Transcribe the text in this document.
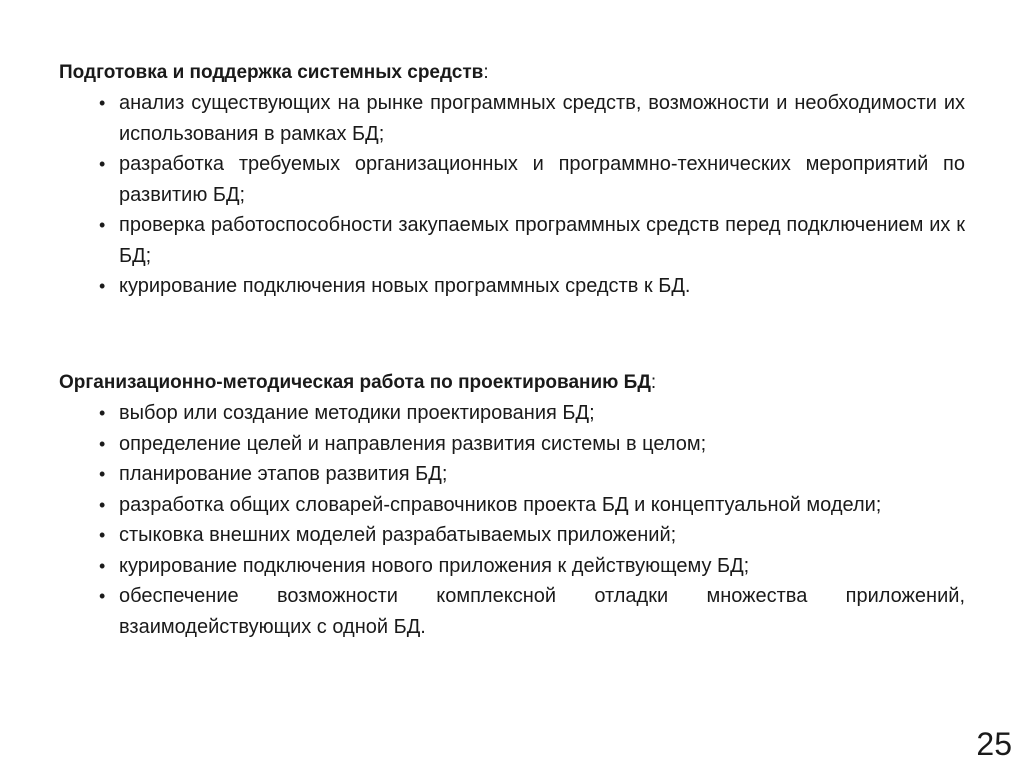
Подготовка и поддержка системных средств:

• анализ существующих на рынке программных средств, возможности и необходимости их использования в рамках БД;
• разработка требуемых организационных и программно-технических мероприятий по развитию БД;
• проверка работоспособности закупаемых программных средств перед подключением их к БД;
• курирование подключения новых программных средств к БД.

Организационно-методическая работа по проектированию БД:

• выбор или создание методики проектирования БД;
• определение целей и направления развития системы в целом;
• планирование этапов развития БД;
• разработка общих словарей-справочников проекта БД и концептуальной модели;
• стыковка внешних моделей разрабатываемых приложений;
• курирование подключения нового приложения к действующему БД;
• обеспечение возможности комплексной отладки множества приложений, взаимодействующих с одной БД.
25
